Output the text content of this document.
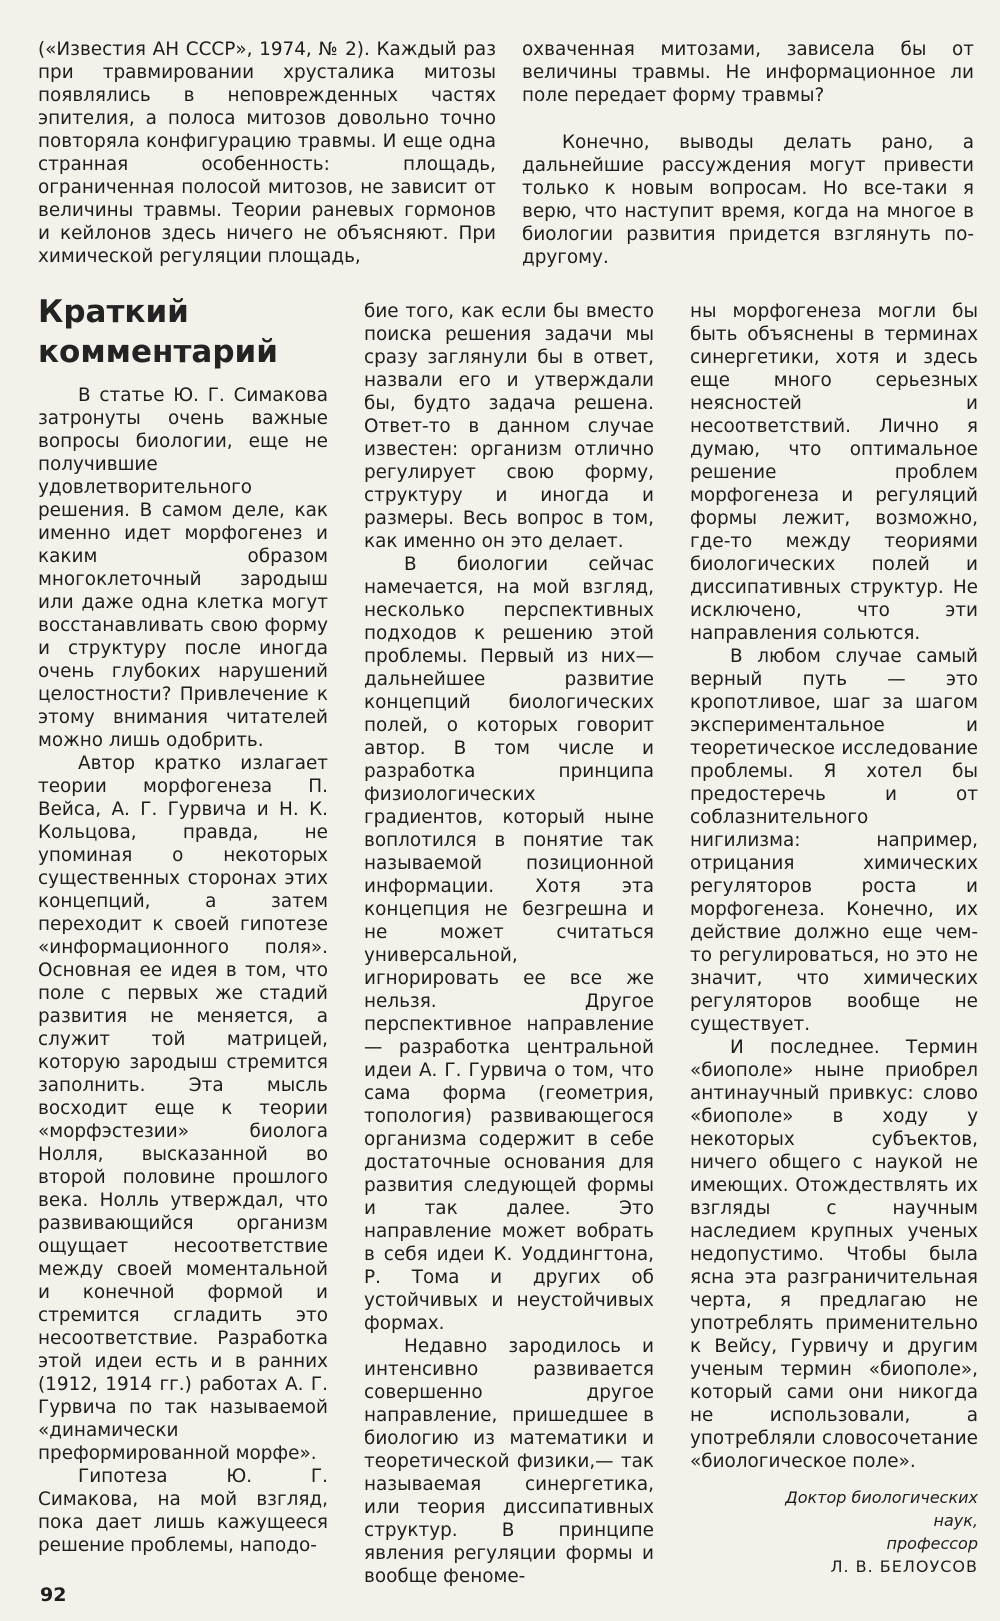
(«Известия АН СССР», 1974, № 2). Каждый раз при травмировании хрусталика митозы появлялись в неповрежденных частях эпителия, а полоса митозов довольно точно повторяла конфигурацию травмы. И еще одна странная особенность: площадь, ограниченная полосой митозов, не зависит от величины травмы. Теории раневых гормонов и кейлонов здесь ничего не объясняют. При химической регуляции площадь,

охваченная митозами, зависела бы от величины травмы. Не информационное ли поле передает форму травмы?

Конечно, выводы делать рано, а дальнейшие рассуждения могут привести только к новым вопросам. Но все-таки я верю, что наступит время, когда на многое в биологии развития придется взглянуть по-другому.

Краткий комментарий

В статье Ю. Г. Симакова затронуты очень важные вопросы биологии, еще не получившие удовлетворительного решения. В самом деле, как именно идет морфогенез и каким образом многоклеточный зародыш или даже одна клетка могут восстанавливать свою форму и структуру после иногда очень глубоких нарушений целостности? Привлечение к этому внимания читателей можно лишь одобрить.

Автор кратко излагает теории морфогенеза П. Вейса, А. Г. Гурвича и Н. К. Кольцова, правда, не упоминая о некоторых существенных сторонах этих концепций, а затем переходит к своей гипотезе «информационного поля». Основная ее идея в том, что поле с первых же стадий развития не меняется, а служит той матрицей, которую зародыш стремится заполнить. Эта мысль восходит еще к теории «морфэстезии» биолога Нолля, высказанной во второй половине прошлого века. Нолль утверждал, что развивающийся организм ощущает несоответствие между своей моментальной и конечной формой и стремится сгладить это несоответствие. Разработка этой идеи есть и в ранних (1912, 1914 гг.) работах А. Г. Гурвича по так называемой «динамически преформированной морфе».

Гипотеза Ю. Г. Симакова, на мой взгляд, пока дает лишь кажущееся решение проблемы, наподо-

бие того, как если бы вместо поиска решения задачи мы сразу заглянули бы в ответ, назвали его и утверждали бы, будто задача решена. Ответ-то в данном случае известен: организм отлично регулирует свою форму, структуру и иногда и размеры. Весь вопрос в том, как именно он это делает.

В биологии сейчас намечается, на мой взгляд, несколько перспективных подходов к решению этой проблемы. Первый из них— дальнейшее развитие концепций биологических полей, о которых говорит автор. В том числе и разработка принципа физиологических градиентов, который ныне воплотился в понятие так называемой позиционной информации. Хотя эта концепция не безгрешна и не может считаться универсальной, игнорировать ее все же нельзя. Другое перспективное направление — разработка центральной идеи А. Г. Гурвича о том, что сама форма (геометрия, топология) развивающегося организма содержит в себе достаточные основания для развития следующей формы и так далее. Это направление может вобрать в себя идеи К. Уоддингтона, Р. Тома и других об устойчивых и неустойчивых формах.

Недавно зародилось и интенсивно развивается совершенно другое направление, пришедшее в биологию из математики и теоретической физики,— так называемая синергетика, или теория диссипативных структур. В принципе явления регуляции формы и вообще феноме-

ны морфогенеза могли бы быть объяснены в терминах синергетики, хотя и здесь еще много серьезных неясностей и несоответствий. Лично я думаю, что оптимальное решение проблем морфогенеза и регуляций формы лежит, возможно, где-то между теориями биологических полей и диссипативных структур. Не исключено, что эти направления сольются.

В любом случае самый верный путь — это кропотливое, шаг за шагом экспериментальное и теоретическое исследование проблемы. Я хотел бы предостеречь и от соблазнительного нигилизма: например, отрицания химических регуляторов роста и морфогенеза. Конечно, их действие должно еще чем-то регулироваться, но это не значит, что химических регуляторов вообще не существует.

И последнее. Термин «биополе» ныне приобрел антинаучный привкус: слово «биополе» в ходу у некоторых субъектов, ничего общего с наукой не имеющих. Отождествлять их взгляды с научным наследием крупных ученых недопустимо. Чтобы была ясна эта разграничительная черта, я предлагаю не употреблять применительно к Вейсу, Гурвичу и другим ученым термин «биополе», который сами они никогда не использовали, а употребляли словосочетание «биологическое поле».

Доктор биологических
наук,
профессор
Л. В. БЕЛОУСОВ
92
